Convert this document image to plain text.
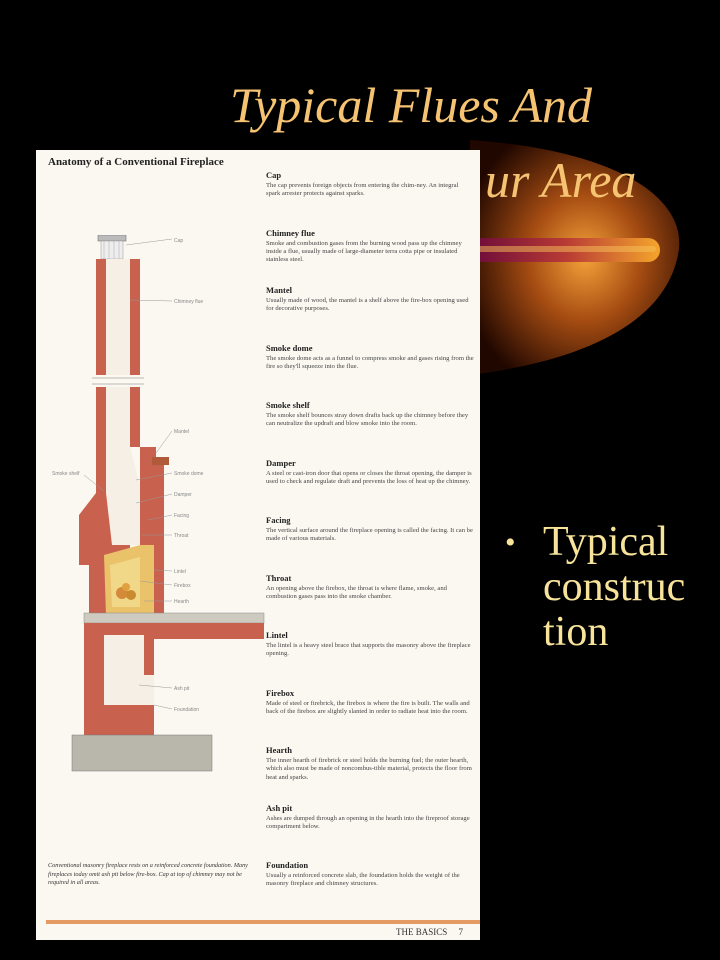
Typical Flues And
ur Area
• Typical construc tion
Anatomy of a Conventional Fireplace
Cap
Chimney flue
Mantel
Smoke shelf	Smoke dome
Damper
Facing
Throat
Lintel
Firebox
Hearth
Ash pit
Foundation
Cap

The cap prevents foreign objects from entering the chim-ney. An integral spark arrester protects against sparks.

Chimney flue

Smoke and combustion gases from the burning wood pass up the chimney inside a flue, usually made of large-diameter terra cotta pipe or insulated stainless steel.

Mantel

Usually made of wood, the mantel is a shelf above the fire-box opening used for decorative purposes.

Smoke dome

The smoke dome acts as a funnel to compress smoke and gases rising from the fire so they'll squeeze into the flue.

Smoke shelf

The smoke shelf bounces stray down drafts back up the chimney before they can neutralize the updraft and blow smoke into the room.

Damper

A steel or cast-iron door that opens or closes the throat opening, the damper is used to check and regulate draft and prevents the loss of heat up the chimney.

Facing

The vertical surface around the fireplace opening is called the facing. It can be made of various materials.

Throat

An opening above the firebox, the throat is where flame, smoke, and combustion gases pass into the smoke chamber.

Lintel

The lintel is a heavy steel brace that supports the masonry above the fireplace opening.

Firebox

Made of steel or firebrick, the firebox is where the fire is built. The walls and back of the firebox are slightly slanted in order to radiate heat into the room.

Hearth

The inner hearth of firebrick or steel holds the burning fuel; the outer hearth, which also must be made of noncombus-tible material, protects the floor from heat and sparks.

Ash pit

Ashes are dumped through an opening in the hearth into the fireproof storage compartment below.

Foundation

Usually a reinforced concrete slab, the foundation holds the weight of the masonry fireplace and chimney structures.

Conventional masonry fireplace rests on a reinforced concrete foundation. Many fireplaces today omit ash pit below fire-box. Cap at top of chimney may not be required in all areas.
THE BASICS 7
